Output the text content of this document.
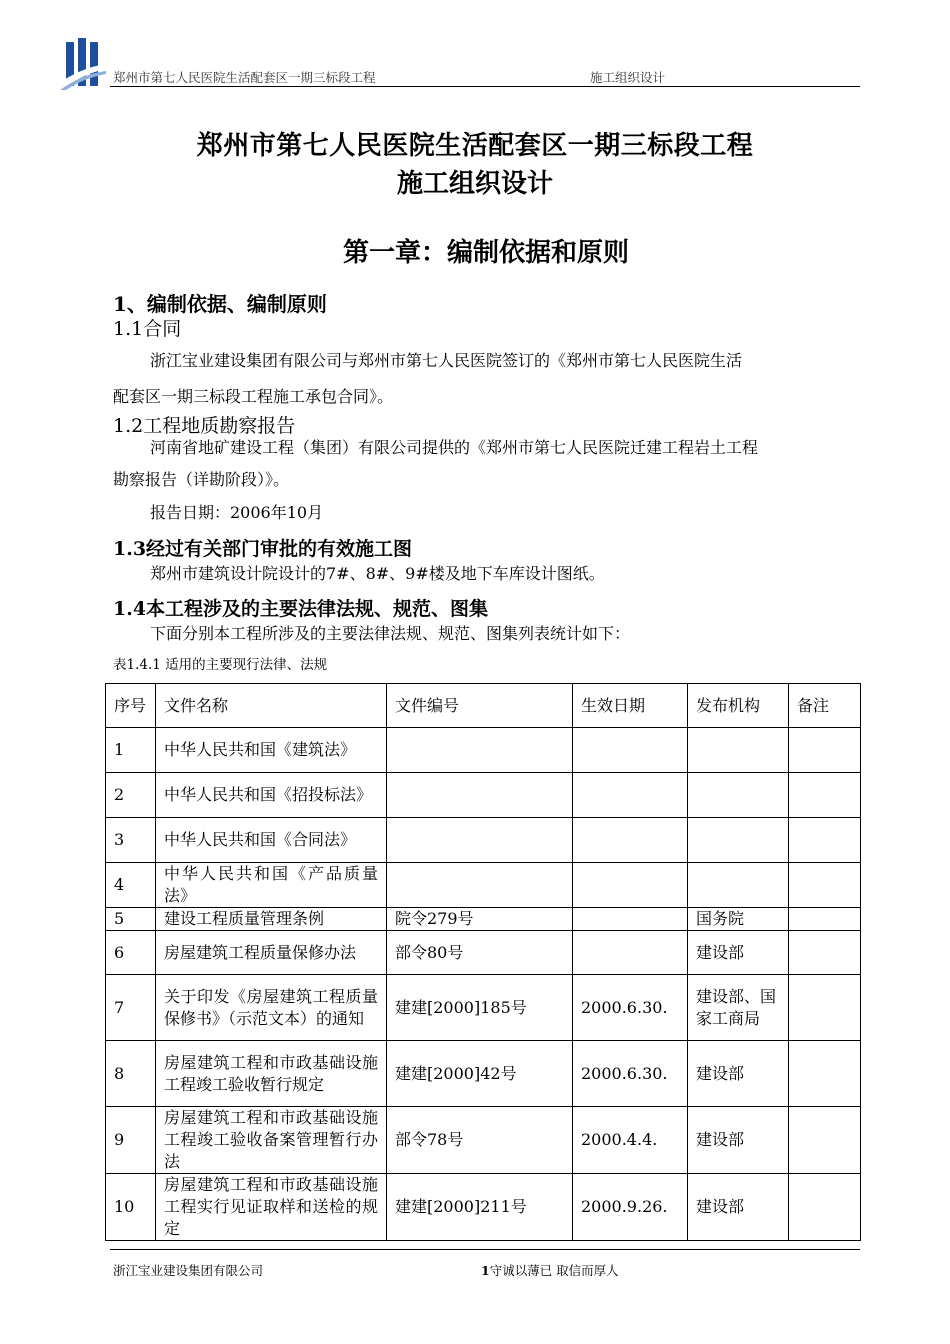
郑州市第七人民医院生活配套区一期三标段工程	施工组织设计
郑州市第七人民医院生活配套区一期三标段工程
施工组织设计
第一章：编制依据和原则
1、编制依据、编制原则
1.1合同
浙江宝业建设集团有限公司与郑州市第七人民医院签订的《郑州市第七人民医院生活
配套区一期三标段工程施工承包合同》。
1.2工程地质勘察报告
河南省地矿建设工程（集团）有限公司提供的《郑州市第七人民医院迁建工程岩土工程
勘察报告（详勘阶段）》。
报告日期：2006年10月
1.3经过有关部门审批的有效施工图
郑州市建筑设计院设计的7#、8#、9#楼及地下车库设计图纸。
1.4本工程涉及的主要法律法规、规范、图集
下面分别本工程所涉及的主要法律法规、规范、图集列表统计如下：
表1.4.1 适用的主要现行法律、法规
序号	文件名称	文件编号	生效日期	发布机构	备注
1	中华人民共和国《建筑法》				
2	中华人民共和国《招投标法》				
3	中华人民共和国《合同法》				
4	中华人民共和国《产品质量法》				
5	建设工程质量管理条例	院令279号		国务院	
6	房屋建筑工程质量保修办法	部令80号		建设部	
7	关于印发《房屋建筑工程质量保修书》（示范文本）的通知	建建[2000]185号	2000.6.30.	建设部、国家工商局	
8	房屋建筑工程和市政基础设施工程竣工验收暂行规定	建建[2000]42号	2000.6.30.	建设部	
9	房屋建筑工程和市政基础设施工程竣工验收备案管理暂行办法	部令78号	2000.4.4.	建设部	
10	房屋建筑工程和市政基础设施工程实行见证取样和送检的规定	建建[2000]211号	2000.9.26.	建设部	
浙江宝业建设集团有限公司	1守诚以薄已 取信而厚人
